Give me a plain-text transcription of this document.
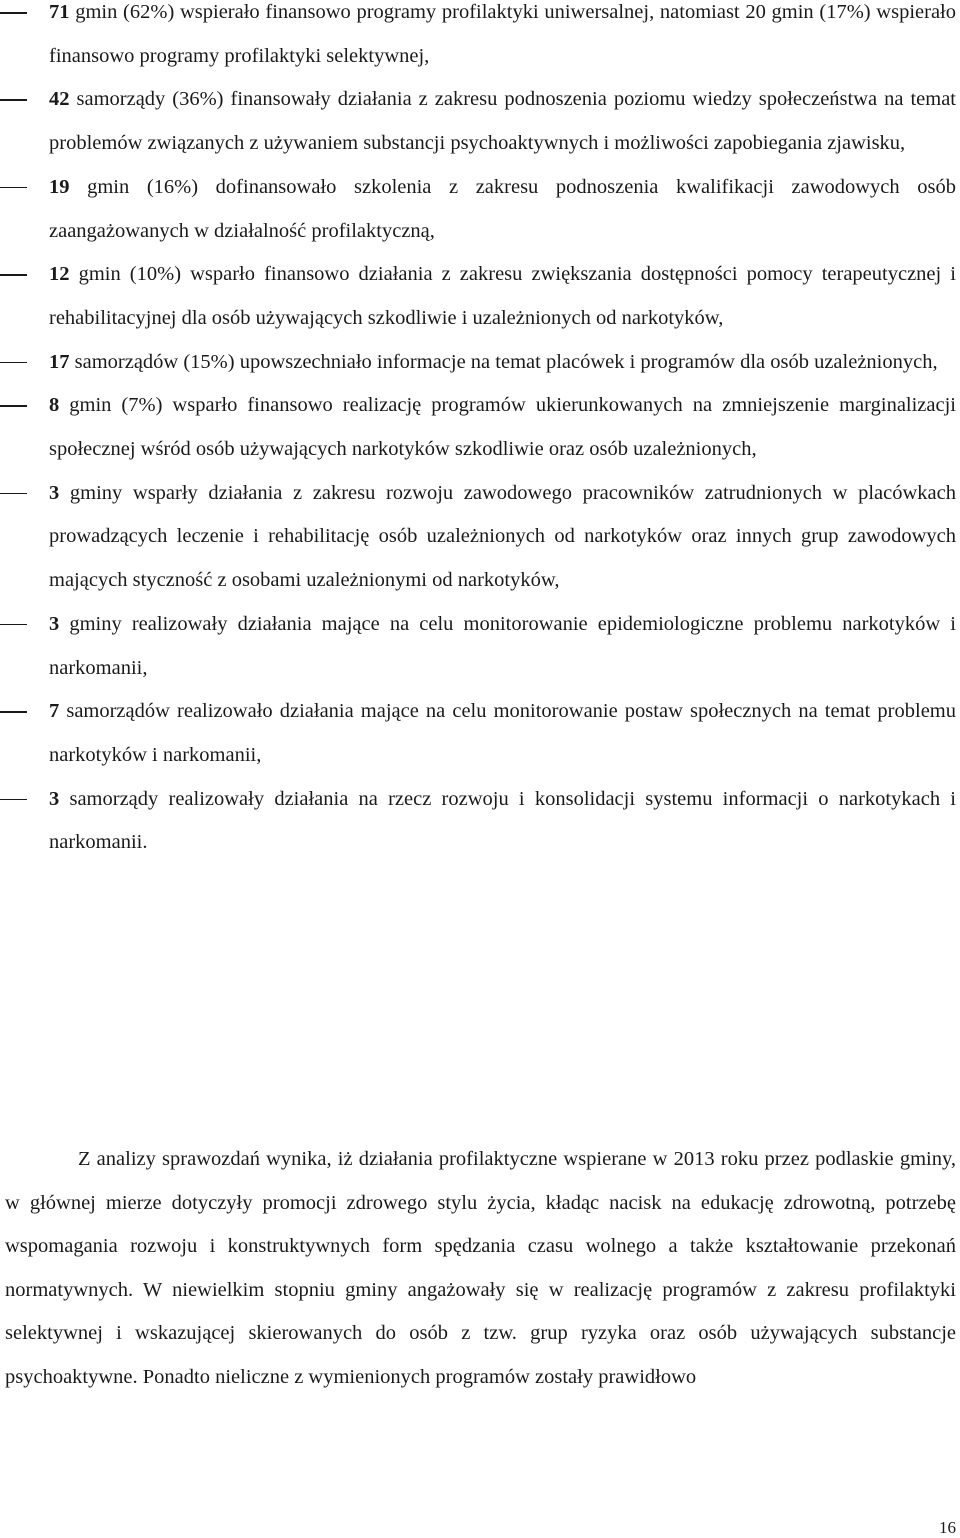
71 gmin (62%) wspierało finansowo programy profilaktyki uniwersalnej, natomiast 20 gmin (17%) wspierało finansowo programy profilaktyki selektywnej,
42 samorządy (36%) finansowały działania z zakresu podnoszenia poziomu wiedzy społeczeństwa na temat problemów związanych z używaniem substancji psychoaktywnych i możliwości zapobiegania zjawisku,
19 gmin (16%) dofinansowało szkolenia z zakresu podnoszenia kwalifikacji zawodowych osób zaangażowanych w działalność profilaktyczną,
12 gmin (10%) wsparło finansowo działania z zakresu zwiększania dostępności pomocy terapeutycznej i rehabilitacyjnej dla osób używających szkodliwie i uzależnionych od narkotyków,
17 samorządów (15%) upowszechniało informacje na temat placówek i programów dla osób uzależnionych,
8 gmin (7%) wsparło finansowo realizację programów ukierunkowanych na zmniejszenie marginalizacji społecznej wśród osób używających narkotyków szkodliwie oraz osób uzależnionych,
3 gminy wsparły działania z zakresu rozwoju zawodowego pracowników zatrudnionych w placówkach prowadzących leczenie i rehabilitację osób uzależnionych od narkotyków oraz innych grup zawodowych mających styczność z osobami uzależnionymi od narkotyków,
3 gminy realizowały działania mające na celu monitorowanie epidemiologiczne problemu narkotyków i narkomanii,
7 samorządów realizowało działania mające na celu monitorowanie postaw społecznych na temat problemu narkotyków i narkomanii,
3 samorządy realizowały działania na rzecz rozwoju i konsolidacji systemu informacji o narkotykach i narkomanii.

Z analizy sprawozdań wynika, iż działania profilaktyczne wspierane w 2013 roku przez podlaskie gminy, w głównej mierze dotyczyły promocji zdrowego stylu życia, kładąc nacisk na edukację zdrowotną, potrzebę wspomagania rozwoju i konstruktywnych form spędzania czasu wolnego a także kształtowanie przekonań normatywnych. W niewielkim stopniu gminy angażowały się w realizację programów z zakresu profilaktyki selektywnej i wskazującej skierowanych do osób z tzw. grup ryzyka oraz osób używających substancje psychoaktywne. Ponadto nieliczne z wymienionych programów zostały prawidłowo

16
